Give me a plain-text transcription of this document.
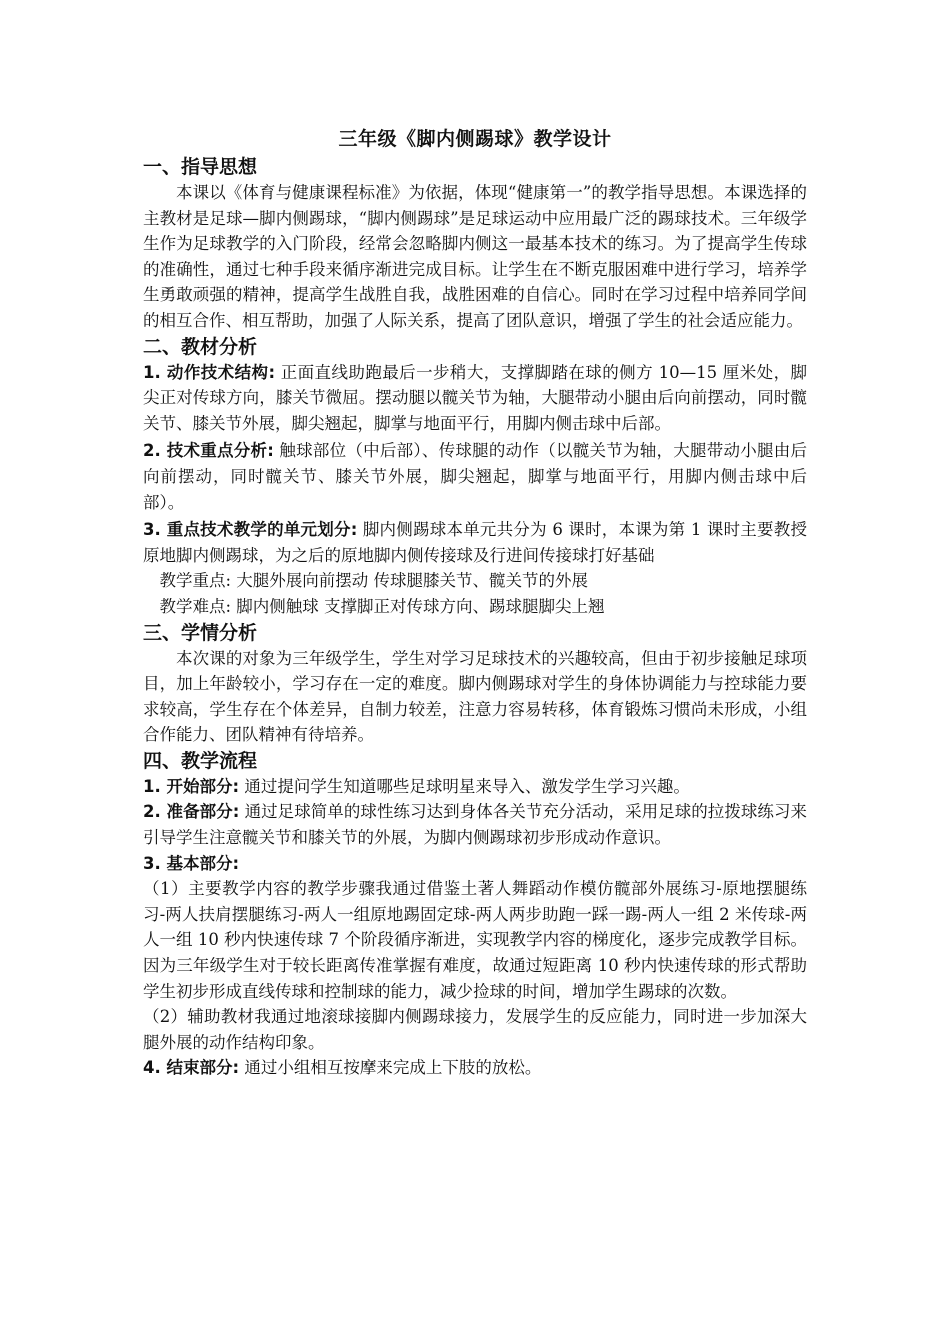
三年级《脚内侧踢球》教学设计
一、指导思想

本课以《体育与健康课程标准》为依据，体现“健康第一”的教学指导思想。本课选择的主教材是足球—脚内侧踢球，“脚内侧踢球”是足球运动中应用最广泛的踢球技术。三年级学生作为足球教学的入门阶段，经常会忽略脚内侧这一最基本技术的练习。为了提高学生传球的准确性，通过七种手段来循序渐进完成目标。让学生在不断克服困难中进行学习，培养学生勇敢顽强的精神，提高学生战胜自我，战胜困难的自信心。同时在学习过程中培养同学间的相互合作、相互帮助，加强了人际关系，提高了团队意识，增强了学生的社会适应能力。

二、教材分析

1. 动作技术结构: 正面直线助跑最后一步稍大，支撑脚踏在球的侧方 10—15 厘米处，脚尖正对传球方向，膝关节微屈。摆动腿以髋关节为轴，大腿带动小腿由后向前摆动，同时髋关节、膝关节外展，脚尖翘起，脚掌与地面平行，用脚内侧击球中后部。

2. 技术重点分析: 触球部位（中后部）、传球腿的动作（以髋关节为轴，大腿带动小腿由后向前摆动，同时髋关节、膝关节外展，脚尖翘起，脚掌与地面平行，用脚内侧击球中后部）。

3. 重点技术教学的单元划分: 脚内侧踢球本单元共分为 6 课时，本课为第 1 课时主要教授原地脚内侧踢球，为之后的原地脚内侧传接球及行进间传接球打好基础

教学重点: 大腿外展向前摆动 传球腿膝关节、髋关节的外展

教学难点: 脚内侧触球 支撑脚正对传球方向、踢球腿脚尖上翘

三、学情分析

本次课的对象为三年级学生，学生对学习足球技术的兴趣较高，但由于初步接触足球项目，加上年龄较小，学习存在一定的难度。脚内侧踢球对学生的身体协调能力与控球能力要求较高，学生存在个体差异，自制力较差，注意力容易转移，体育锻炼习惯尚未形成，小组合作能力、团队精神有待培养。

四、教学流程

1. 开始部分: 通过提问学生知道哪些足球明星来导入、激发学生学习兴趣。

2. 准备部分: 通过足球简单的球性练习达到身体各关节充分活动，采用足球的拉拨球练习来引导学生注意髋关节和膝关节的外展，为脚内侧踢球初步形成动作意识。

3. 基本部分:

（1）主要教学内容的教学步骤我通过借鉴土著人舞蹈动作模仿髋部外展练习-原地摆腿练习-两人扶肩摆腿练习-两人一组原地踢固定球-两人两步助跑一踩一踢-两人一组 2 米传球-两人一组 10 秒内快速传球 7 个阶段循序渐进，实现教学内容的梯度化，逐步完成教学目标。因为三年级学生对于较长距离传准掌握有难度，故通过短距离 10 秒内快速传球的形式帮助学生初步形成直线传球和控制球的能力，减少捡球的时间，增加学生踢球的次数。

（2）辅助教材我通过地滚球接脚内侧踢球接力，发展学生的反应能力，同时进一步加深大腿外展的动作结构印象。

4. 结束部分: 通过小组相互按摩来完成上下肢的放松。
